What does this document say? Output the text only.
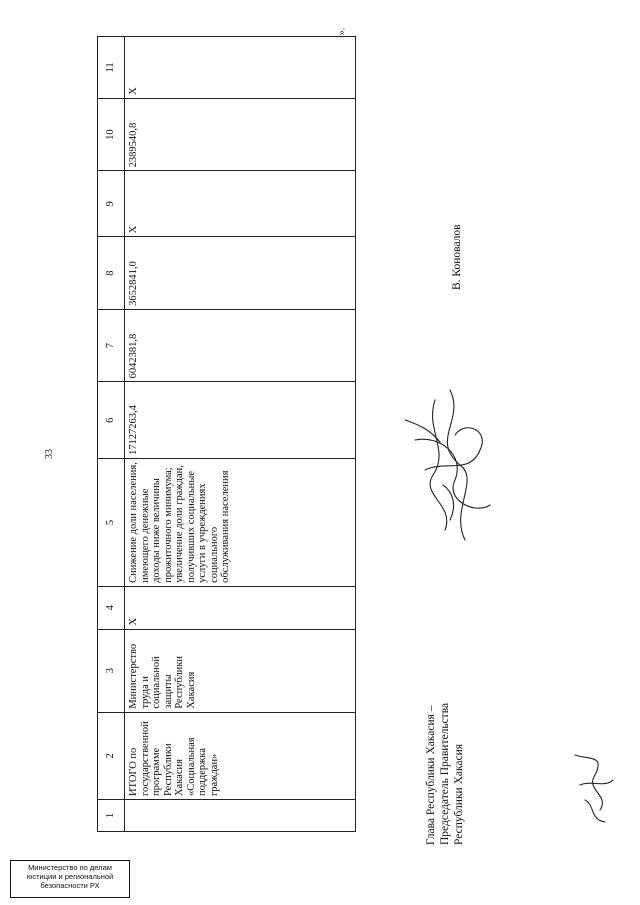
33
».
1	2	3	4	5	6	7	8	9	10	11
	ИТОГО по государственной программе Республики Хакасия «Социальная поддержка граждан»	Министерство труда и социальной защиты Республики Хакасия	Х	Снижение доли населения, имеющего денежные доходы ниже величины прожиточного минимума; увеличение доли граждан, получивших социальные услуги в учреждениях социального обслуживания населения	17127263,4	6042381,8	3652841,0	Х	2389540,8	Х
Глава Республики Хакасия – Председатель Правительства Республики Хакасия
В. Коновалов
Министерство по делам
юстиции и региональной
безопасности РХ
